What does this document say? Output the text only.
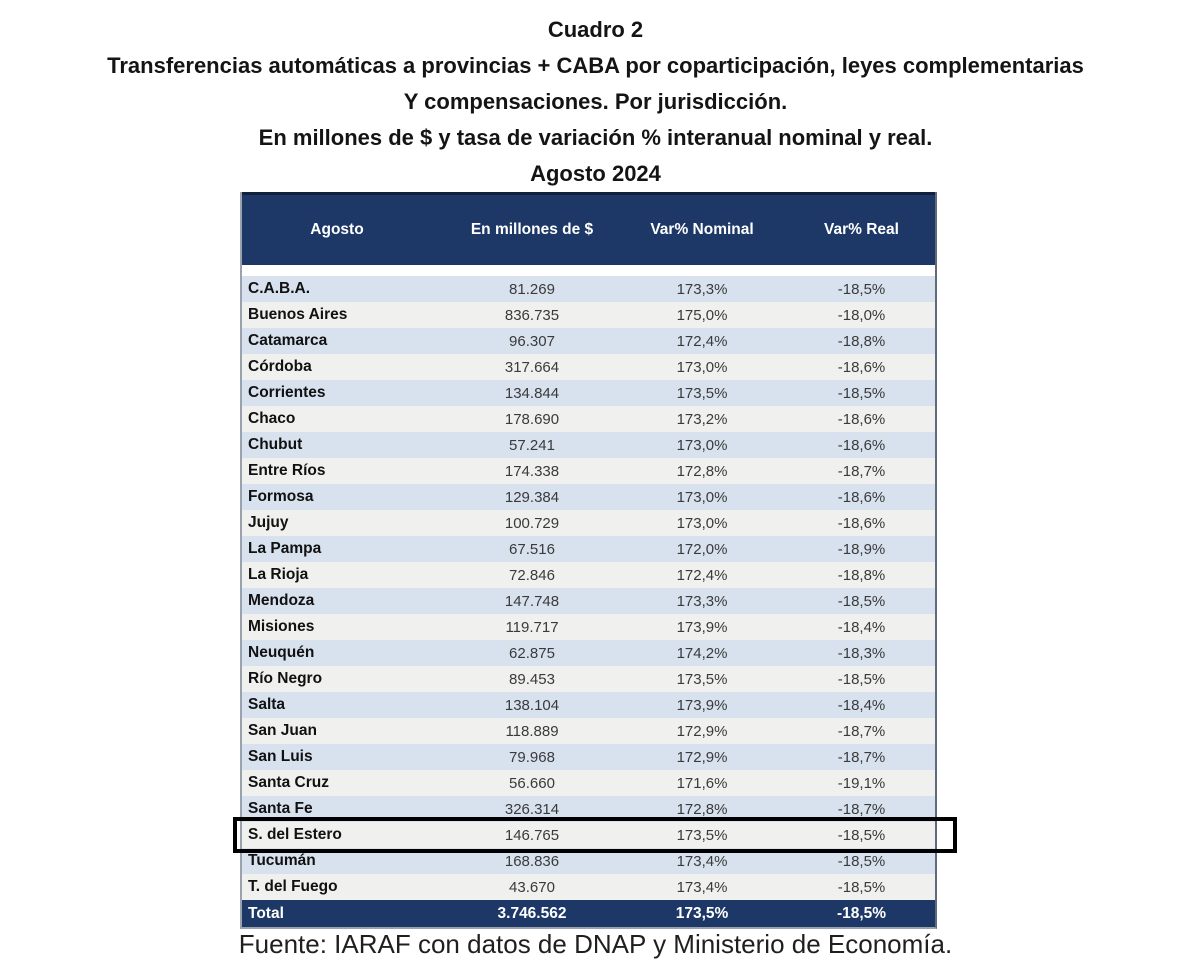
Cuadro 2
Transferencias automáticas a provincias + CABA por coparticipación, leyes complementarias
Y compensaciones. Por jurisdicción.
En millones de $ y tasa de variación % interanual nominal y real.
Agosto 2024
Agosto	En millones de $	Var% Nominal	Var% Real
C.A.B.A.	81.269	173,3%	-18,5%
Buenos Aires	836.735	175,0%	-18,0%
Catamarca	96.307	172,4%	-18,8%
Córdoba	317.664	173,0%	-18,6%
Corrientes	134.844	173,5%	-18,5%
Chaco	178.690	173,2%	-18,6%
Chubut	57.241	173,0%	-18,6%
Entre Ríos	174.338	172,8%	-18,7%
Formosa	129.384	173,0%	-18,6%
Jujuy	100.729	173,0%	-18,6%
La Pampa	67.516	172,0%	-18,9%
La Rioja	72.846	172,4%	-18,8%
Mendoza	147.748	173,3%	-18,5%
Misiones	119.717	173,9%	-18,4%
Neuquén	62.875	174,2%	-18,3%
Río Negro	89.453	173,5%	-18,5%
Salta	138.104	173,9%	-18,4%
San Juan	118.889	172,9%	-18,7%
San Luis	79.968	172,9%	-18,7%
Santa Cruz	56.660	171,6%	-19,1%
Santa Fe	326.314	172,8%	-18,7%
S. del Estero	146.765	173,5%	-18,5%
Tucumán	168.836	173,4%	-18,5%
T. del Fuego	43.670	173,4%	-18,5%
Total	3.746.562	173,5%	-18,5%
Fuente: IARAF con datos de DNAP y Ministerio de Economía.
